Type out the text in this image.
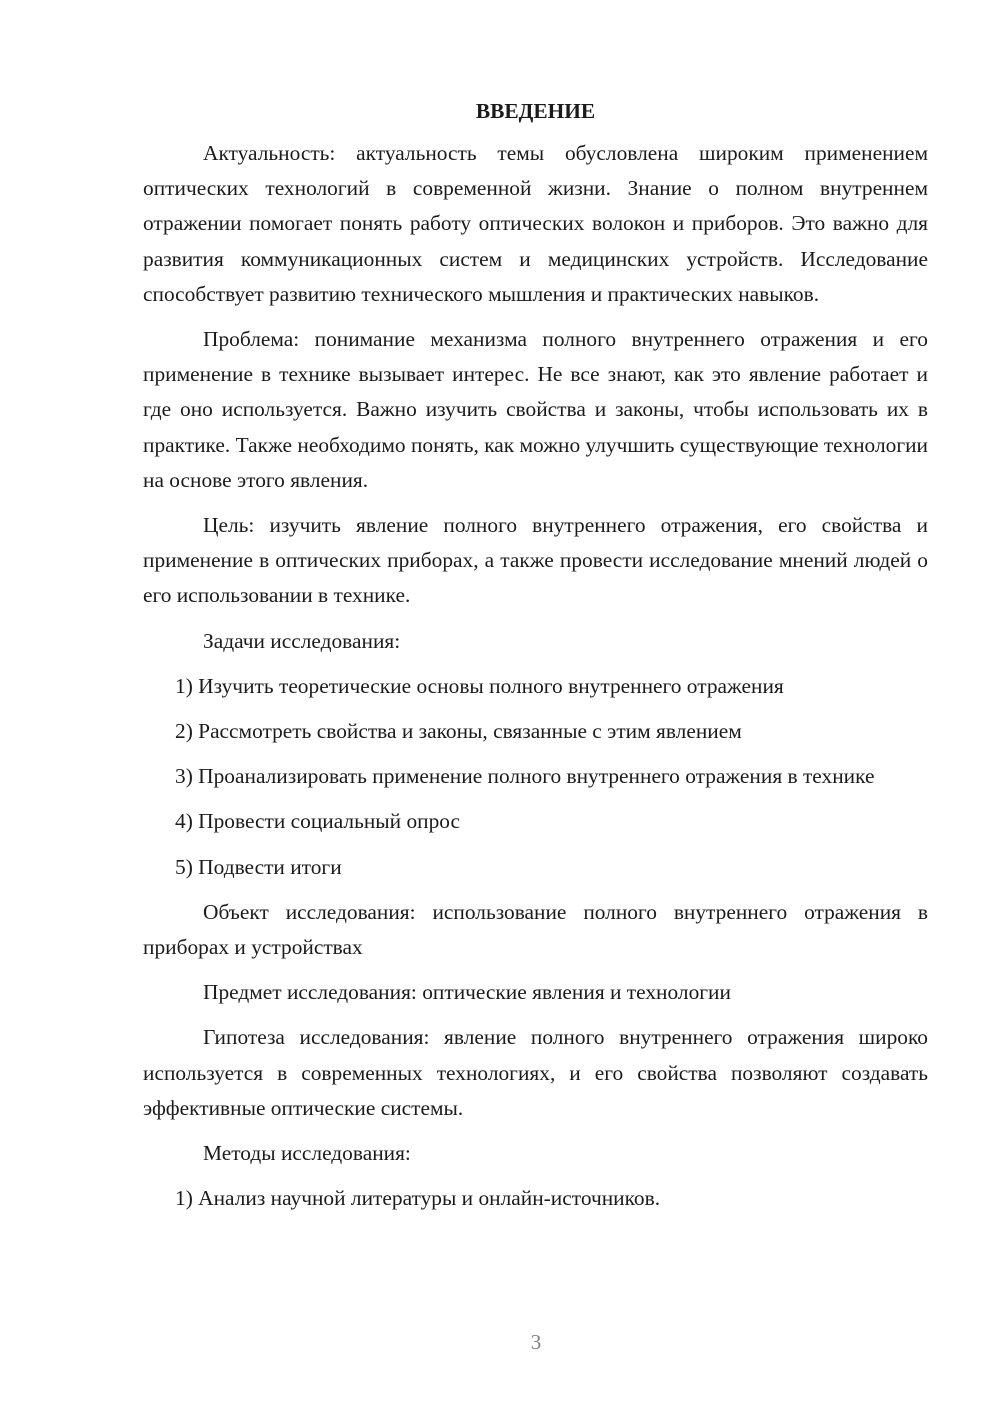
ВВЕДЕНИЕ

Актуальность: актуальность темы обусловлена широким применением оптических технологий в современной жизни. Знание о полном внутреннем отражении помогает понять работу оптических волокон и приборов. Это важно для развития коммуникационных систем и медицинских устройств. Исследование способствует развитию технического мышления и практических навыков.

Проблема: понимание механизма полного внутреннего отражения и его применение в технике вызывает интерес. Не все знают, как это явление работает и где оно используется. Важно изучить свойства и законы, чтобы использовать их в практике. Также необходимо понять, как можно улучшить существующие технологии на основе этого явления.

Цель: изучить явление полного внутреннего отражения, его свойства и применение в оптических приборах, а также провести исследование мнений людей о его использовании в технике.

Задачи исследования:

1) Изучить теоретические основы полного внутреннего отражения

2) Рассмотреть свойства и законы, связанные с этим явлением

3) Проанализировать применение полного внутреннего отражения в технике

4) Провести социальный опрос

5) Подвести итоги

Объект исследования: использование полного внутреннего отражения в приборах и устройствах

Предмет исследования: оптические явления и технологии

Гипотеза исследования: явление полного внутреннего отражения широко используется в современных технологиях, и его свойства позволяют создавать эффективные оптические системы.

Методы исследования:

1) Анализ научной литературы и онлайн-источников.

3
